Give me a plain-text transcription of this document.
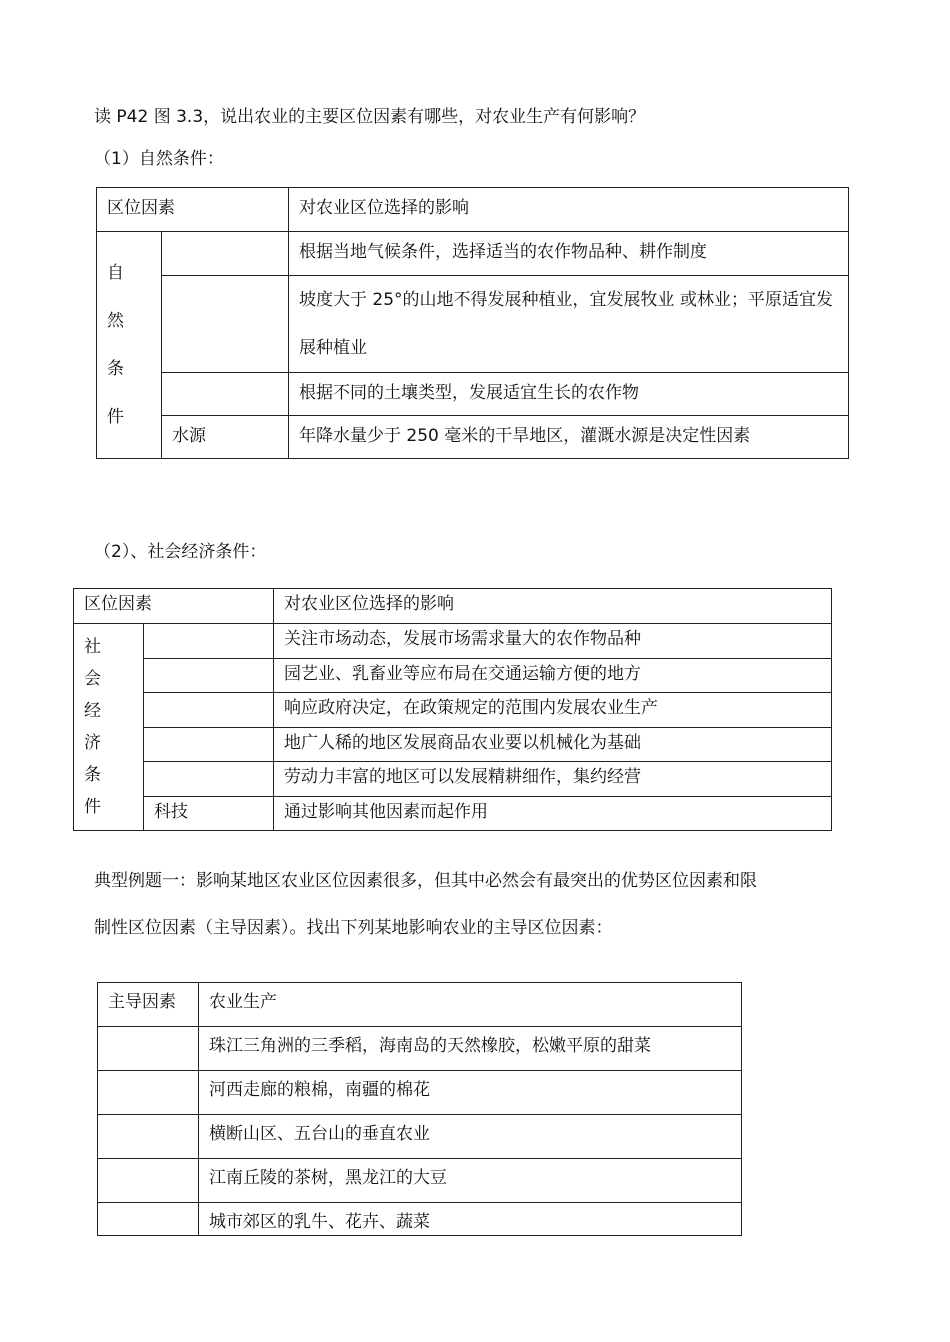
读 P42 图 3.3，说出农业的主要区位因素有哪些，对农业生产有何影响？
（1）自然条件：
区位因素		对农业区位选择的影响

自 然
条件		根据当地气候条件，选择适当的农作物品种、耕作制度
		坡度大于 25°的山地不得发展种植业，宜发展牧业 或林业；平原适宜发展种植业
		根据不同的土壤类型，发展适宜生长的农作物
	水源	年降水量少于 250 毫米的干旱地区，灌溉水源是决定性因素
（2）、社会经济条件：
区位因素		对农业区位选择的影响

社 会
经 济
条件		关注市场动态，发展市场需求量大的农作物品种
		园艺业、乳畜业等应布局在交通运输方便的地方
		响应政府决定，在政策规定的范围内发展农业生产
		地广人稀的地区发展商品农业要以机械化为基础
		劳动力丰富的地区可以发展精耕细作，集约经营
	科技	通过影响其他因素而起作用
典型例题一：影响某地区农业区位因素很多，但其中必然会有最突出的优势区位因素和限
制性区位因素（主导因素）。找出下列某地影响农业的主导区位因素：
主导因素	农业生产
	珠江三角洲的三季稻，海南岛的天然橡胶，松嫩平原的甜菜
	河西走廊的粮棉，南疆的棉花
	横断山区、五台山的垂直农业
	江南丘陵的茶树，黑龙江的大豆
	城市郊区的乳牛、花卉、蔬菜
